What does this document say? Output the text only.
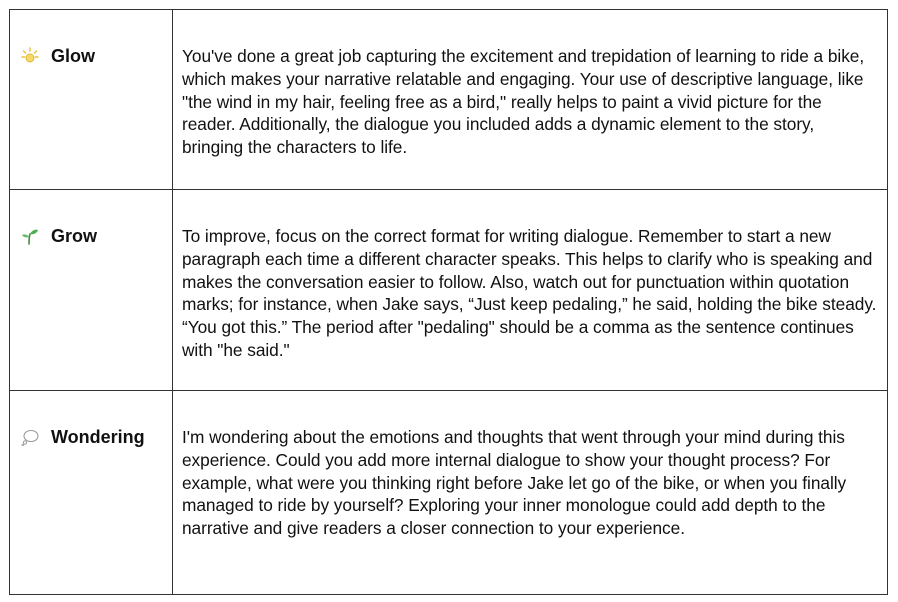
Glow	You've done a great job capturing the excitement and trepidation of learning to ride a bike, which makes your narrative relatable and engaging. Your use of descriptive language, like "the wind in my hair, feeling free as a bird," really helps to paint a vivid picture for the reader. Additionally, the dialogue you included adds a dynamic element to the story, bringing the characters to life.

Grow	To improve, focus on the correct format for writing dialogue. Remember to start a new paragraph each time a different character speaks. This helps to clarify who is speaking and makes the conversation easier to follow. Also, watch out for punctuation within quotation marks; for instance, when Jake says, “Just keep pedaling,” he said, holding the bike steady. “You got this.” The period after "pedaling" should be a comma as the sentence continues with "he said."

Wondering	I'm wondering about the emotions and thoughts that went through your mind during this experience. Could you add more internal dialogue to show your thought process? For example, what were you thinking right before Jake let go of the bike, or when you finally managed to ride by yourself? Exploring your inner monologue could add depth to the narrative and give readers a closer connection to your experience.
